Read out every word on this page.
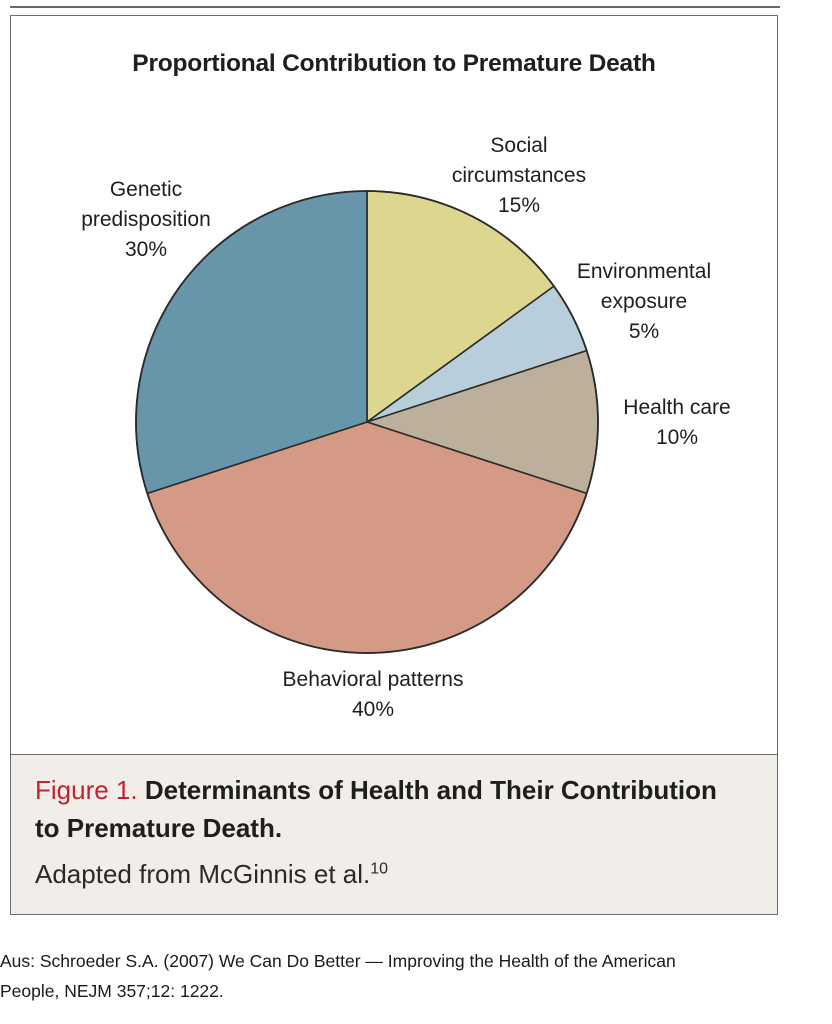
Proportional Contribution to Premature Death
Social circumstances 15%
Environmental exposure 5%
Health care 10%
Behavioral patterns 40%
Genetic predisposition 30%
Figure 1. Determinants of Health and Their Contribution
to Premature Death.
Adapted from McGinnis et al.$^{10}$
Aus: Schroeder S.A. (2007) We Can Do Better — Improving the Health of the American
People, NEJM 357;12: 1222.
